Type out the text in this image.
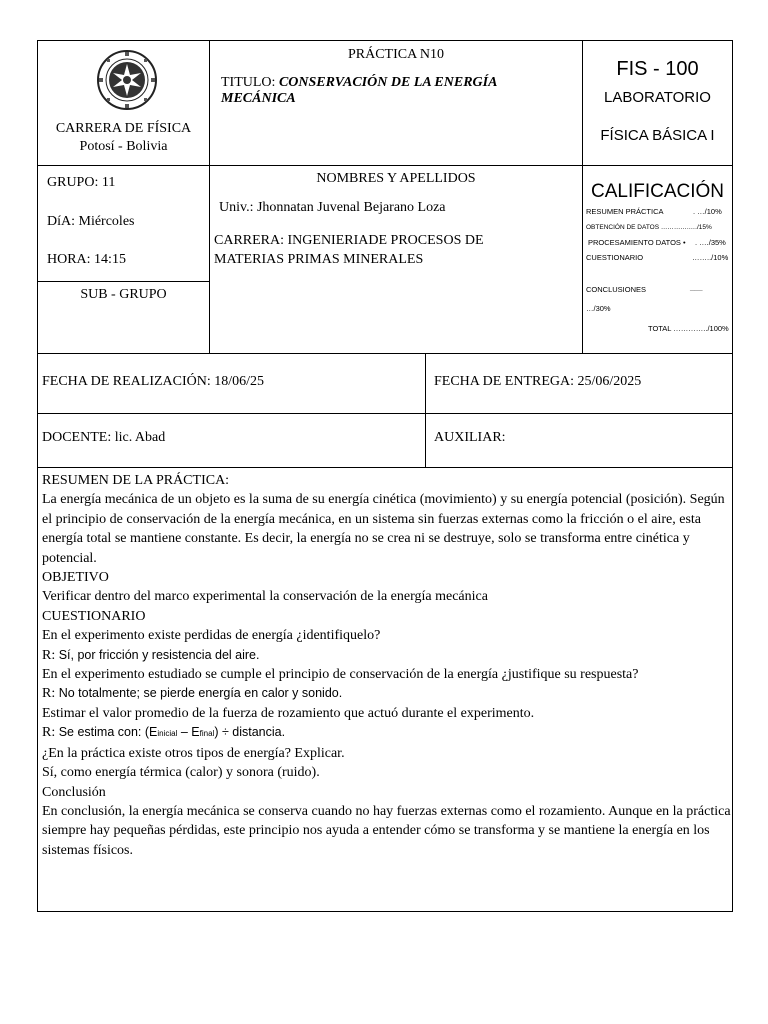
CARRERA DE FÍSICA
Potosí - Bolivia
PRÁCTICA N10
TITULO: CONSERVACIÓN DE LA ENERGÍA MECÁNICA
FIS - 100
LABORATORIO
FÍSICA BÁSICA I
GRUPO: 11
DíA: Miércoles
HORA: 14:15
SUB - GRUPO
NOMBRES Y APELLIDOS
Univ.: Jhonnatan Juvenal Bejarano Loza
CARRERA: INGENIERIADE PROCESOS DE
MATERIAS PRIMAS MINERALES
CALIFICACIÓN
RESUMEN PRÁCTICA	. …/10%
OBTENCIÓN DE DATOS ………….…./15%
PROCESAMIENTO DATOS • . …./35%
CUESTIONARIO	……../10%
CONCLUSIONES	___
…/30%
TOTAL …………../100%
FECHA DE REALIZACIÓN: 18/06/25	FECHA DE ENTREGA: 25/06/2025
DOCENTE: lic. Abad	AUXILIAR:

RESUMEN DE LA PRÁCTICA:

La energía mecánica de un objeto es la suma de su energía cinética (movimiento) y su energía potencial (posición). Según el principio de conservación de la energía mecánica, en un sistema sin fuerzas externas como la fricción o el aire, esta energía total se mantiene constante. Es decir, la energía no se crea ni se destruye, solo se transforma entre cinética y potencial.

OBJETIVO

Verificar dentro del marco experimental la conservación de la energía mecánica

CUESTIONARIO

En el experimento existe perdidas de energía ¿identifiquelo?

R: Sí, por fricción y resistencia del aire.

En el experimento estudiado se cumple el principio de conservación de la energía ¿justifique su respuesta?

R: No totalmente; se pierde energía en calor y sonido.

Estimar el valor promedio de la fuerza de rozamiento que actuó durante el experimento.

R: Se estima con: (Einicial – Efinal) ÷ distancia.

¿En la práctica existe otros tipos de energía? Explicar.

Sí, como energía térmica (calor) y sonora (ruido).

Conclusión

En conclusión, la energía mecánica se conserva cuando no hay fuerzas externas como el rozamiento. Aunque en la práctica siempre hay pequeñas pérdidas, este principio nos ayuda a entender cómo se transforma y se mantiene la energía en los sistemas físicos.
